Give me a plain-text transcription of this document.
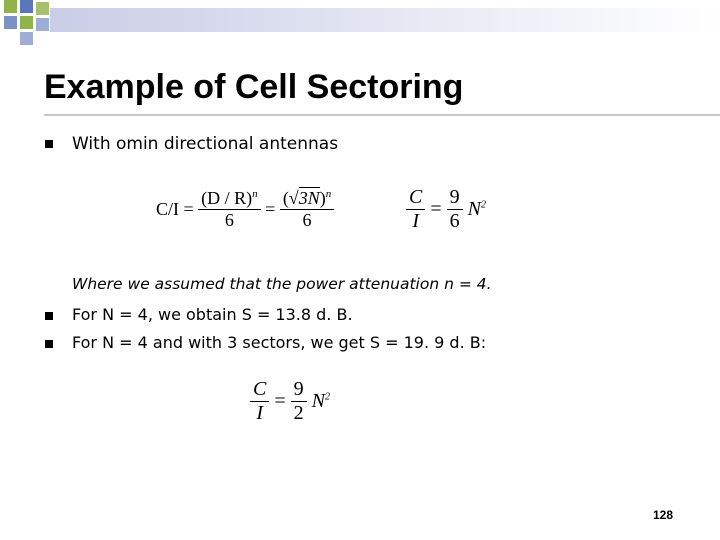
Example of Cell Sectoring
With omin directional antennas
$C/I = \frac{(D / R)^n}{6} = \frac{(√3N)^n}{6}$	$\frac{C}{I} = \frac{9}{6} N^2$
Where we assumed that the power attenuation n = 4.
For N = 4, we obtain S = 13.8 d. B.
For N = 4 and with 3 sectors, we get S = 19. 9 d. B:
$\frac{C}{I} = \frac{9}{2} N^2$
128
